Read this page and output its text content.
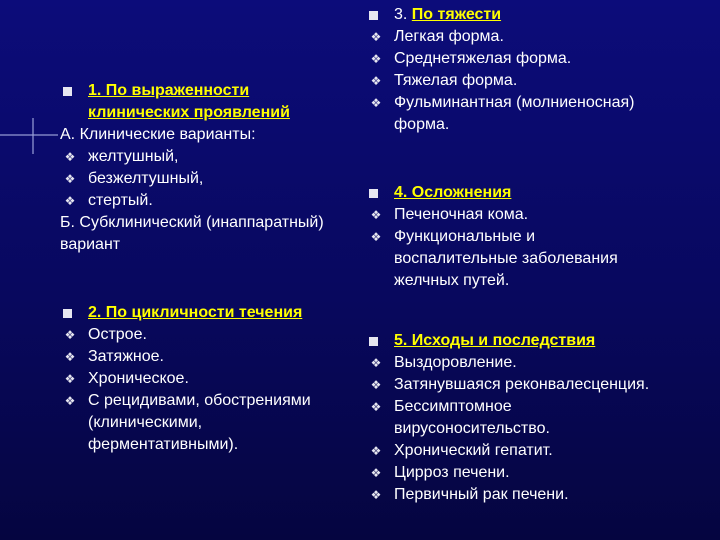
3. По тяжести
❖ Легкая форма.
❖ Среднетяжелая форма.
❖ Тяжелая форма.
❖ Фульминантная (молниеносная)
форма.
1. По выраженности
клинических проявлений
А. Клинические варианты:
❖ желтушный,
❖ безжелтушный,
❖ стертый.
Б. Субклинический (инаппаратный)
вариант
4. Осложнения
❖ Печеночная кома.
❖ Функциональные и
воспалительные заболевания
желчных путей.
2. По цикличности течения
❖ Острое.
❖ Затяжное.
❖ Хроническое.
❖ С рецидивами, обострениями
(клиническими,
ферментативными).
5. Исходы и последствия
❖ Выздоровление.
❖ Затянувшаяся реконвалесценция.
❖ Бессимптомное
вирусоносительство.
❖ Хронический гепатит.
❖ Цирроз печени.
❖ Первичный рак печени.
